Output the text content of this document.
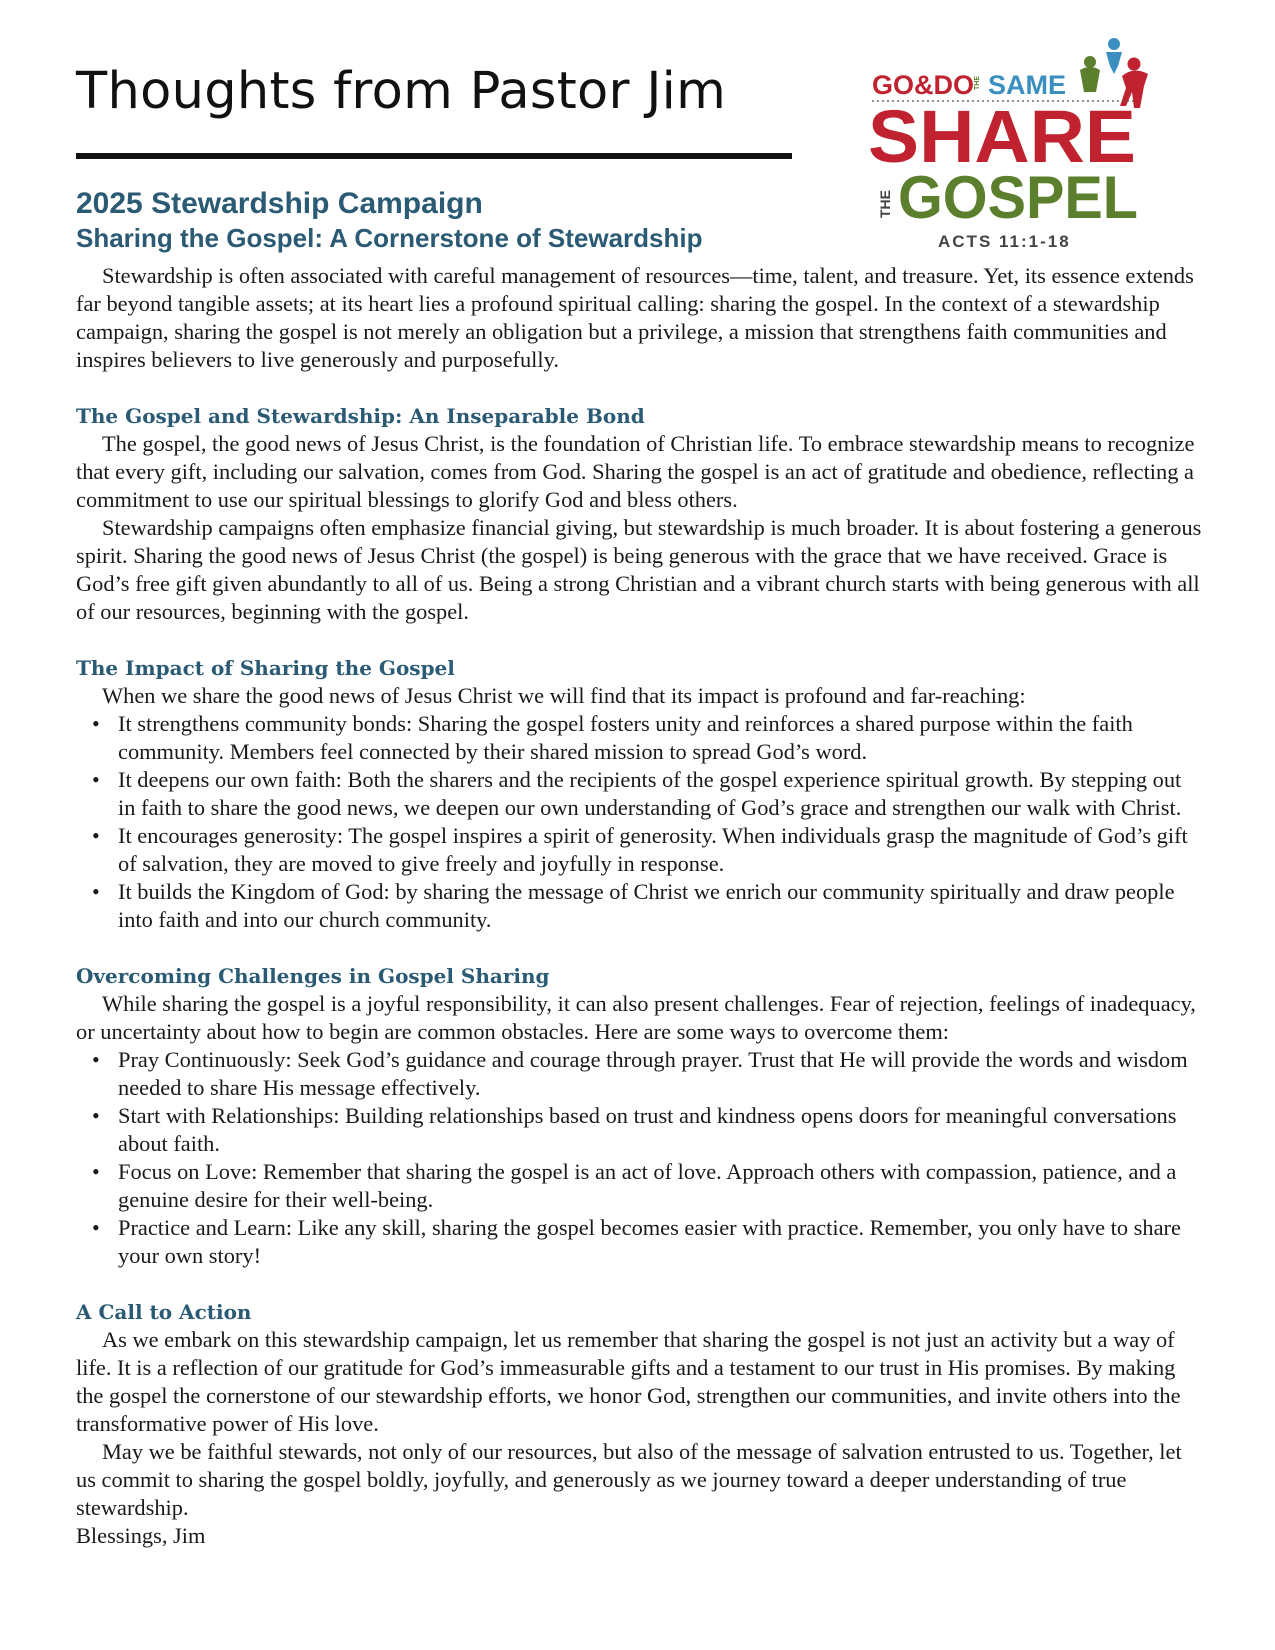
Thoughts from Pastor Jim	GO&DO THE SAME
SHARE
THE GOSPEL
ACTS 11:1-18
2025 Stewardship Campaign
Sharing the Gospel: A Cornerstone of Stewardship

Stewardship is often associated with careful management of resources—time, talent, and treasure. Yet, its essence extends far beyond tangible assets; at its heart lies a profound spiritual calling: sharing the gospel. In the context of a stewardship campaign, sharing the gospel is not merely an obligation but a privilege, a mission that strengthens faith communities and inspires believers to live generously and purposefully.

The Gospel and Stewardship: An Inseparable Bond

The gospel, the good news of Jesus Christ, is the foundation of Christian life. To embrace stewardship means to recognize that every gift, including our salvation, comes from God. Sharing the gospel is an act of gratitude and obedience, reflecting a commitment to use our spiritual blessings to glorify God and bless others.

Stewardship campaigns often emphasize financial giving, but stewardship is much broader. It is about fostering a generous spirit. Sharing the good news of Jesus Christ (the gospel) is being generous with the grace that we have received. Grace is God’s free gift given abundantly to all of us. Being a strong Christian and a vibrant church starts with being generous with all of our resources, beginning with the gospel.

The Impact of Sharing the Gospel

When we share the good news of Jesus Christ we will find that its impact is profound and far-reaching:

• It strengthens community bonds: Sharing the gospel fosters unity and reinforces a shared purpose within the faith community. Members feel connected by their shared mission to spread God’s word.
• It deepens our own faith: Both the sharers and the recipients of the gospel experience spiritual growth. By stepping out in faith to share the good news, we deepen our own understanding of God’s grace and strengthen our walk with Christ.
• It encourages generosity: The gospel inspires a spirit of generosity. When individuals grasp the magnitude of God’s gift of salvation, they are moved to give freely and joyfully in response.
• It builds the Kingdom of God: by sharing the message of Christ we enrich our community spiritually and draw people into faith and into our church community.
Overcoming Challenges in Gospel Sharing

While sharing the gospel is a joyful responsibility, it can also present challenges. Fear of rejection, feelings of inadequacy, or uncertainty about how to begin are common obstacles. Here are some ways to overcome them:

• Pray Continuously: Seek God’s guidance and courage through prayer. Trust that He will provide the words and wisdom needed to share His message effectively.
• Start with Relationships: Building relationships based on trust and kindness opens doors for meaningful conversations about faith.
• Focus on Love: Remember that sharing the gospel is an act of love. Approach others with compassion, patience, and a genuine desire for their well-being.
• Practice and Learn: Like any skill, sharing the gospel becomes easier with practice. Remember, you only have to share your own story!
A Call to Action

As we embark on this stewardship campaign, let us remember that sharing the gospel is not just an activity but a way of life. It is a reflection of our gratitude for God’s immeasurable gifts and a testament to our trust in His promises. By making the gospel the cornerstone of our stewardship efforts, we honor God, strengthen our communities, and invite others into the transformative power of His love.

May we be faithful stewards, not only of our resources, but also of the message of salvation entrusted to us. Together, let us commit to sharing the gospel boldly, joyfully, and generously as we journey toward a deeper understanding of true stewardship.

Blessings, Jim
